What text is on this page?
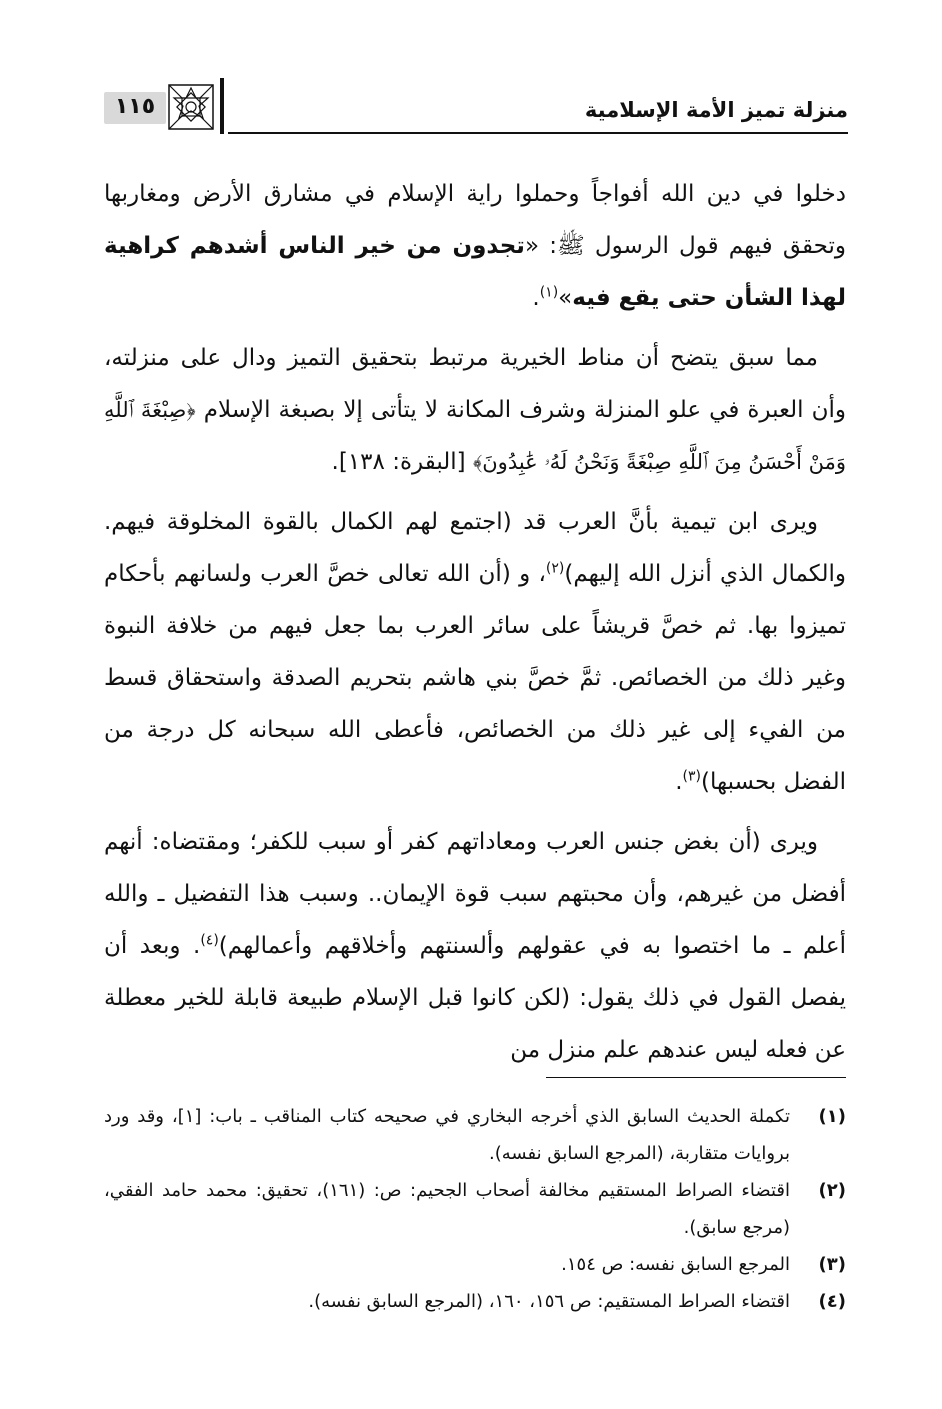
١١٥	منزلة تميز الأمة الإسلامية

دخلوا في دين الله أفواجاً وحملوا راية الإسلام في مشارق الأرض ومغاربها وتحقق فيهم قول الرسول ﷺ: «تجدون من خير الناس أشدهم كراهية لهذا الشأن حتى يقع فيه»$^{(١)}$.

مما سبق يتضح أن مناط الخيرية مرتبط بتحقيق التميز ودال على منزلته، وأن العبرة في علو المنزلة وشرف المكانة لا يتأتى إلا بصبغة الإسلام ﴿صِبْغَةَ ٱللَّهِ وَمَنْ أَحْسَنُ مِنَ ٱللَّهِ صِبْغَةً وَنَحْنُ لَهُۥ عَٰبِدُونَ﴾ [البقرة: ١٣٨].

ويرى ابن تيمية بأنَّ العرب قد (اجتمع لهم الكمال بالقوة المخلوقة فيهم. والكمال الذي أنزل الله إليهم)$^{(٢)}$، و (أن الله تعالى خصَّ العرب ولسانهم بأحكام تميزوا بها. ثم خصَّ قريشاً على سائر العرب بما جعل فيهم من خلافة النبوة وغير ذلك من الخصائص. ثمَّ خصَّ بني هاشم بتحريم الصدقة واستحقاق قسط من الفيء إلى غير ذلك من الخصائص، فأعطى الله سبحانه كل درجة من الفضل بحسبها)$^{(٣)}$.

ويرى (أن بغض جنس العرب ومعاداتهم كفر أو سبب للكفر؛ ومقتضاه: أنهم أفضل من غيرهم، وأن محبتهم سبب قوة الإيمان.. وسبب هذا التفضيل ـ والله أعلم ـ ما اختصوا به في عقولهم وألسنتهم وأخلاقهم وأعمالهم)$^{(٤)}$. وبعد أن يفصل القول في ذلك يقول: (لكن كانوا قبل الإسلام طبيعة قابلة للخير معطلة عن فعله ليس عندهم علم منزل من

(١)
تكملة الحديث السابق الذي أخرجه البخاري في صحيحه كتاب المناقب ـ باب: [١]، وقد ورد بروايات متقاربة، (المرجع السابق نفسه).
(٢)
اقتضاء الصراط المستقيم مخالفة أصحاب الجحيم: ص: (١٦١)، تحقيق: محمد حامد الفقي، (مرجع سابق).
(٣)
المرجع السابق نفسه: ص ١٥٤.
(٤)
اقتضاء الصراط المستقيم: ص ١٥٦، ١٦٠، (المرجع السابق نفسه).
